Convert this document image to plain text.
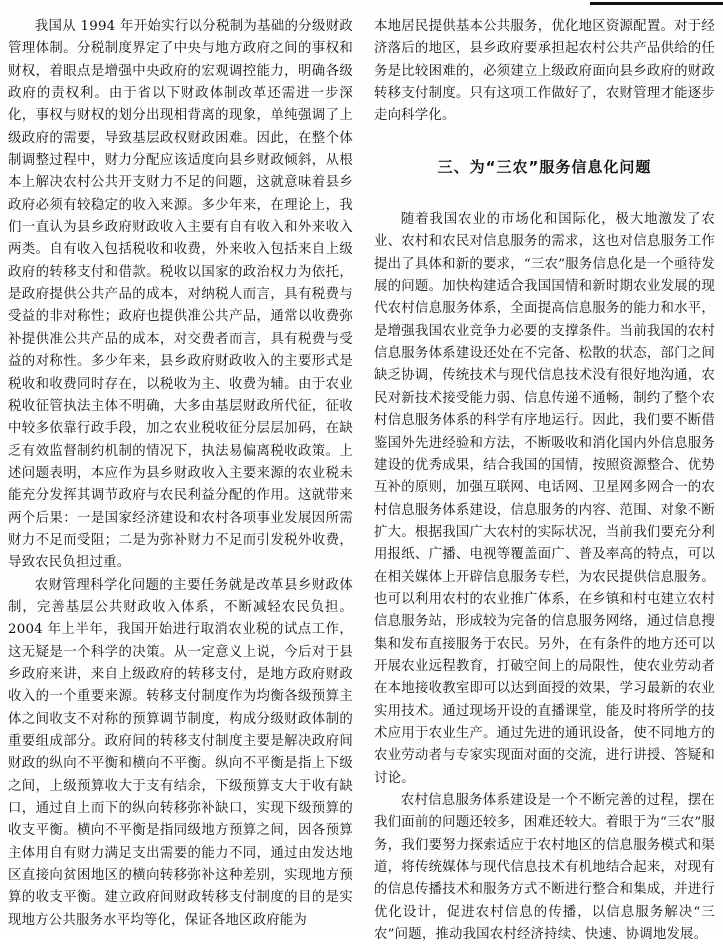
我国从 1994 年开始实行以分税制为基础的分级财政管理体制。分税制度界定了中央与地方政府之间的事权和财权，着眼点是增强中央政府的宏观调控能力，明确各级政府的责权利。由于省以下财政体制改革还需进一步深化，事权与财权的划分出现相背离的现象，单纯强调了上级政府的需要，导致基层政权财政困难。因此，在整个体制调整过程中，财力分配应该适度向县乡财政倾斜，从根本上解决农村公共开支财力不足的问题，这就意味着县乡政府必须有较稳定的收入来源。多少年来，在理论上，我们一直认为县乡政府财政收入主要有自有收入和外来收入两类。自有收入包括税收和收费，外来收入包括来自上级政府的转移支付和借款。税收以国家的政治权力为依托，是政府提供公共产品的成本，对纳税人而言，具有税费与受益的非对称性；政府也提供准公共产品，通常以收费弥补提供准公共产品的成本，对交费者而言，具有税费与受益的对称性。多少年来，县乡政府财政收入的主要形式是税收和收费同时存在，以税收为主、收费为辅。由于农业税收征管执法主体不明确，大多由基层财政所代征，征收中较多依靠行政手段，加之农业税收征分层层加码，在缺乏有效监督制约机制的情况下，执法易偏离税收政策。上述问题表明，本应作为县乡财政收入主要来源的农业税未能充分发挥其调节政府与农民利益分配的作用。这就带来两个后果：一是国家经济建设和农村各项事业发展因所需财力不足而受阻；二是为弥补财力不足而引发税外收费，导致农民负担过重。

农财管理科学化问题的主要任务就是改革县乡财政体制，完善基层公共财政收入体系，不断减轻农民负担。2004 年上半年，我国开始进行取消农业税的试点工作，这无疑是一个科学的决策。从一定意义上说，今后对于县乡政府来讲，来自上级政府的转移支付，是地方政府财政收入的一个重要来源。转移支付制度作为均衡各级预算主体之间收支不对称的预算调节制度，构成分级财政体制的重要组成部分。政府间的转移支付制度主要是解决政府间财政的纵向不平衡和横向不平衡。纵向不平衡是指上下级之间，上级预算收大于支有结余，下级预算支大于收有缺口，通过自上而下的纵向转移弥补缺口，实现下级预算的收支平衡。横向不平衡是指同级地方预算之间，因各预算主体用自有财力满足支出需要的能力不同，通过由发达地区直接向贫困地区的横向转移弥补这种差别，实现地方预算的收支平衡。建立政府间财政转移支付制度的目的是实现地方公共服务水平均等化，保证各地区政府能为

本地居民提供基本公共服务，优化地区资源配置。对于经济落后的地区，县乡政府要承担起农村公共产品供给的任务是比较困难的，必须建立上级政府面向县乡政府的财政转移支付制度。只有这项工作做好了，农财管理才能逐步走向科学化。

三、为“三农”服务信息化问题

随着我国农业的市场化和国际化，极大地激发了农业、农村和农民对信息服务的需求，这也对信息服务工作提出了具体和新的要求，“三农”服务信息化是一个亟待发展的问题。加快构建适合我国国情和新时期农业发展的现代农村信息服务体系，全面提高信息服务的能力和水平，是增强我国农业竞争力必要的支撑条件。当前我国的农村信息服务体系建设还处在不完备、松散的状态，部门之间缺乏协调，传统技术与现代信息技术没有很好地沟通，农民对新技术接受能力弱、信息传递不通畅，制约了整个农村信息服务体系的科学有序地运行。因此，我们要不断借鉴国外先进经验和方法，不断吸收和消化国内外信息服务建设的优秀成果，结合我国的国情，按照资源整合、优势互补的原则，加强互联网、电话网、卫星网多网合一的农村信息服务体系建设，信息服务的内容、范围、对象不断扩大。根据我国广大农村的实际状况，当前我们要充分利用报纸、广播、电视等覆盖面广、普及率高的特点，可以在相关媒体上开辟信息服务专栏，为农民提供信息服务。也可以利用农村的农业推广体系，在乡镇和村屯建立农村信息服务站，形成较为完备的信息服务网络，通过信息搜集和发布直接服务于农民。另外，在有条件的地方还可以开展农业远程教育，打破空间上的局限性，使农业劳动者在本地接收教室即可以达到面授的效果，学习最新的农业实用技术。通过现场开设的直播课堂，能及时将所学的技术应用于农业生产。通过先进的通讯设备，使不同地方的农业劳动者与专家实现面对面的交流，进行讲授、答疑和讨论。

农村信息服务体系建设是一个不断完善的过程，摆在我们面前的问题还较多，困难还较大。着眼于为“三农”服务，我们要努力探索适应于农村地区的信息服务模式和渠道，将传统媒体与现代信息技术有机地结合起来，对现有的信息传播技术和服务方式不断进行整合和集成，并进行优化设计，促进农村信息的传播，以信息服务解决“三农”问题，推动我国农村经济持续、快速、协调地发展。
